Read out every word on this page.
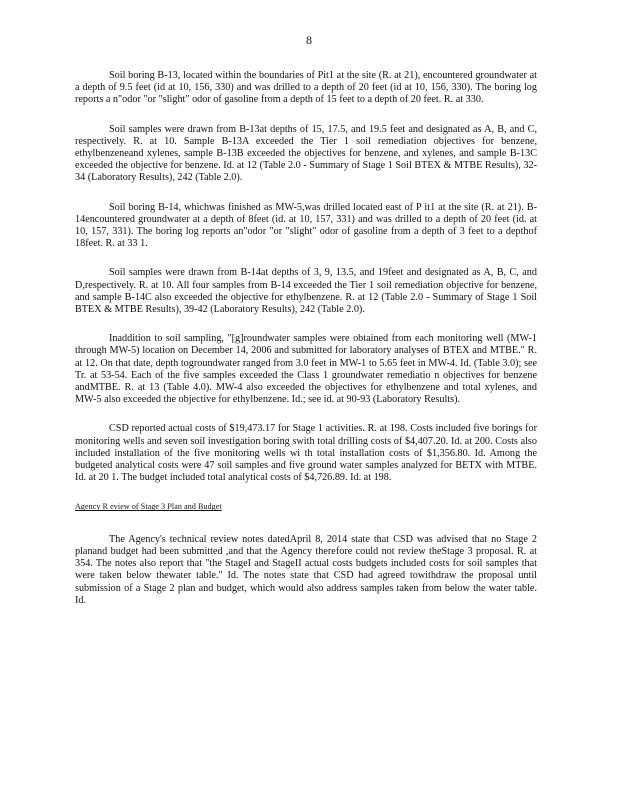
8

Soil boring B-13, located within the boundaries of Pit1 at the site (R. at 21), encountered groundwater at a depth of 9.5 feet (id at 10, 156, 330) and was drilled to a depth of 20 feet (id at 10, 156, 330). The boring log reports a n"odor "or "slight" odor of gasoline from a depth of 15 feet to a depth of 20 feet. R. at 330.

Soil samples were drawn from B-13at depths of 15, 17.5, and 19.5 feet and designated as A, B, and C, respectively. R. at 10. Sample B-13A exceeded the Tier 1 soil remediation objectives for benzene, ethylbenzeneand xylenes, sample B-13B exceeded the objectives for benzene, and xylenes, and sample B-13C exceeded the objective for benzene. Id. at 12 (Table 2.0 - Summary of Stage 1 Soil BTEX & MTBE Results), 32-34 (Laboratory Results), 242 (Table 2.0).

Soil boring B-14, whichwas finished as MW-5,was drilled located east of P it1 at the site (R. at 21). B-14encountered groundwater at a depth of 8feet (id. at 10, 157, 331) and was drilled to a depth of 20 feet (id. at 10, 157, 331). The boring log reports an"odor "or "slight" odor of gasoline from a depth of 3 feet to a depthof 18feet. R. at 33 1.

Soil samples were drawn from B-14at depths of 3, 9, 13.5, and 19feet and designated as A, B, C, and D,respectively. R. at 10. All four samples from B-14 exceeded the Tier 1 soil remediation objective for benzene, and sample B-14C also exceeded the objective for ethylbenzene. R. at 12 (Table 2.0 - Summary of Stage 1 Soil BTEX & MTBE Results), 39-42 (Laboratory Results), 242 (Table 2.0).

Inaddition to soil sampling, "[g]roundwater samples were obtained from each monitoring well (MW-1 through MW-5) location on December 14, 2006 and submitted for laboratory analyses of BTEX and MTBE." R. at 12. On that date, depth togroundwater ranged from 3.0 feet in MW-1 to 5.65 feet in MW-4. Id. (Table 3.0); see Tr. at 53-54. Each of the five samples exceeded the Class 1 groundwater remediatio n objectives for benzene andMTBE. R. at 13 (Table 4.0). MW-4 also exceeded the objectives for ethylbenzene and total xylenes, and MW-5 also exceeded the objective for ethylbenzene. Id.; see id. at 90-93 (Laboratory Results).

CSD reported actual costs of $19,473.17 for Stage 1 activities. R. at 198. Costs included five borings for monitoring wells and seven soil investigation boring swith total drilling costs of $4,407.20. Id. at 200. Costs also included installation of the five monitoring wells wi th total installation costs of $1,356.80. Id. Among the budgeted analytical costs were 47 soil samples and five ground water samples analyzed for BETX with MTBE. Id. at 20 1. The budget included total analytical costs of $4,726.89. Id. at 198.

Agency R eview of Stage 3 Plan and Budget

The Agency's technical review notes datedApril 8, 2014 state that CSD was advised that no Stage 2 planand budget had been submitted ,and that the Agency therefore could not review theStage 3 proposal. R. at 354. The notes also report that "the StageI and StageII actual costs budgets included costs for soil samples that were taken below thewater table." Id. The notes state that CSD had agreed towithdraw the proposal until submission of a Stage 2 plan and budget, which would also address samples taken from below the water table. Id.
